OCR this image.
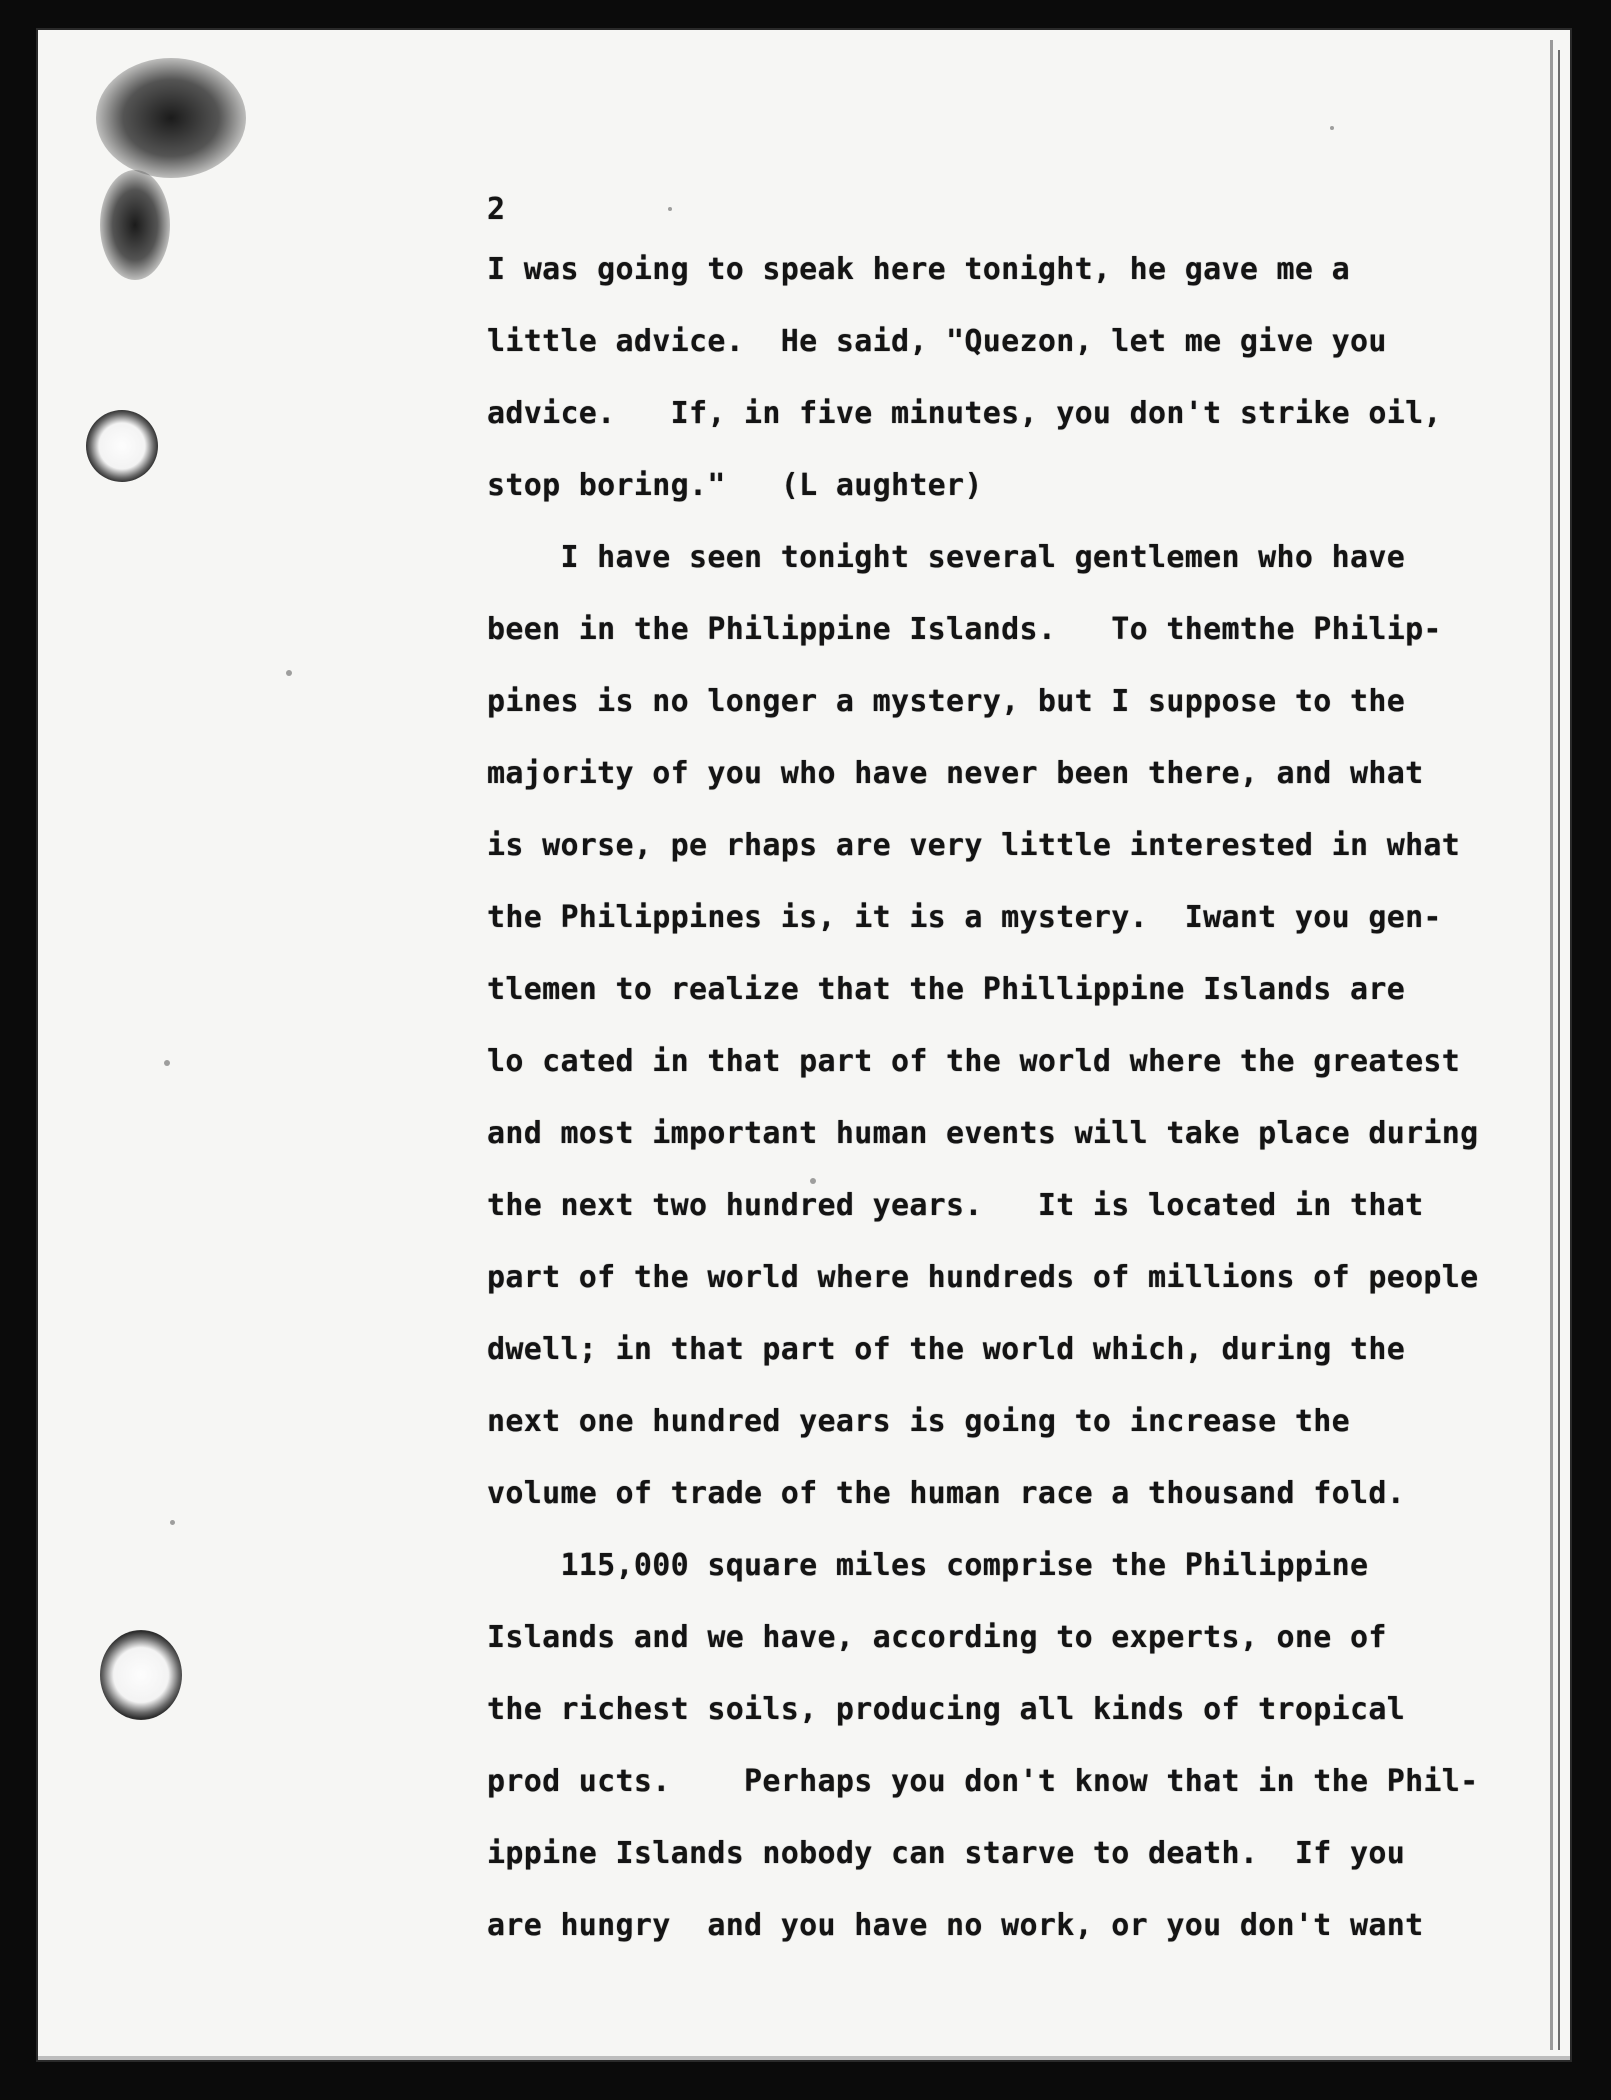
2
I was going to speak here tonight, he gave me a
little advice.  He said, "Quezon, let me give you
advice.   If, in five minutes, you don't strike oil,
stop boring."   (L aughter)
I have seen tonight several gentlemen who have
been in the Philippine Islands.   To themthe Philip-
pines is no longer a mystery, but I suppose to the
majority of you who have never been there, and what
is worse, pe rhaps are very little interested in what
the Philippines is, it is a mystery.  Iwant you gen-
tlemen to realize that the Phillippine Islands are
lo cated in that part of the world where the greatest
and most important human events will take place during
the next two hundred years.   It is located in that
part of the world where hundreds of millions of people
dwell; in that part of the world which, during the
next one hundred years is going to increase the
volume of trade of the human race a thousand fold.
115,000 square miles comprise the Philippine
Islands and we have, according to experts, one of
the richest soils, producing all kinds of tropical
prod ucts.    Perhaps you don't know that in the Phil-
ippine Islands nobody can starve to death.  If you
are hungry  and you have no work, or you don't want
